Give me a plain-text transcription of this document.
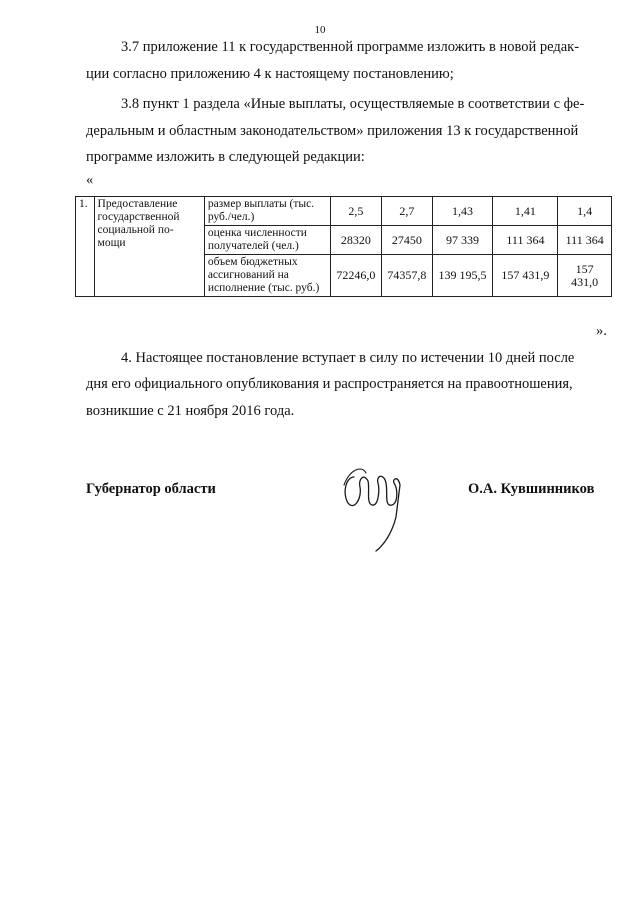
10
3.7 приложение 11 к государственной программе изложить в новой редак-
ции согласно приложению 4 к настоящему постановлению;
3.8 пункт 1 раздела «Иные выплаты, осуществляемые в соответствии с фе-
деральным и областным законодательством» приложения 13 к государственной
программе изложить в следующей редакции:
«
1.	Предоставление государственной социальной по-мощи	размер выплаты (тыс. руб./чел.)	2,5	2,7	1,43	1,41	1,4
		оценка численности получателей (чел.)	28320	27450	97 339	111 364	111 364
		объем бюджетных ассигнований на исполнение (тыс. руб.)	72246,0	74357,8	139 195,5	157 431,9	157 431,0
».
4. Настоящее постановление вступает в силу по истечении 10 дней после
дня его официального опубликования и распространяется на правоотношения,
возникшие с 21 ноября 2016 года.
Губернатор области	О.А. Кувшинников
